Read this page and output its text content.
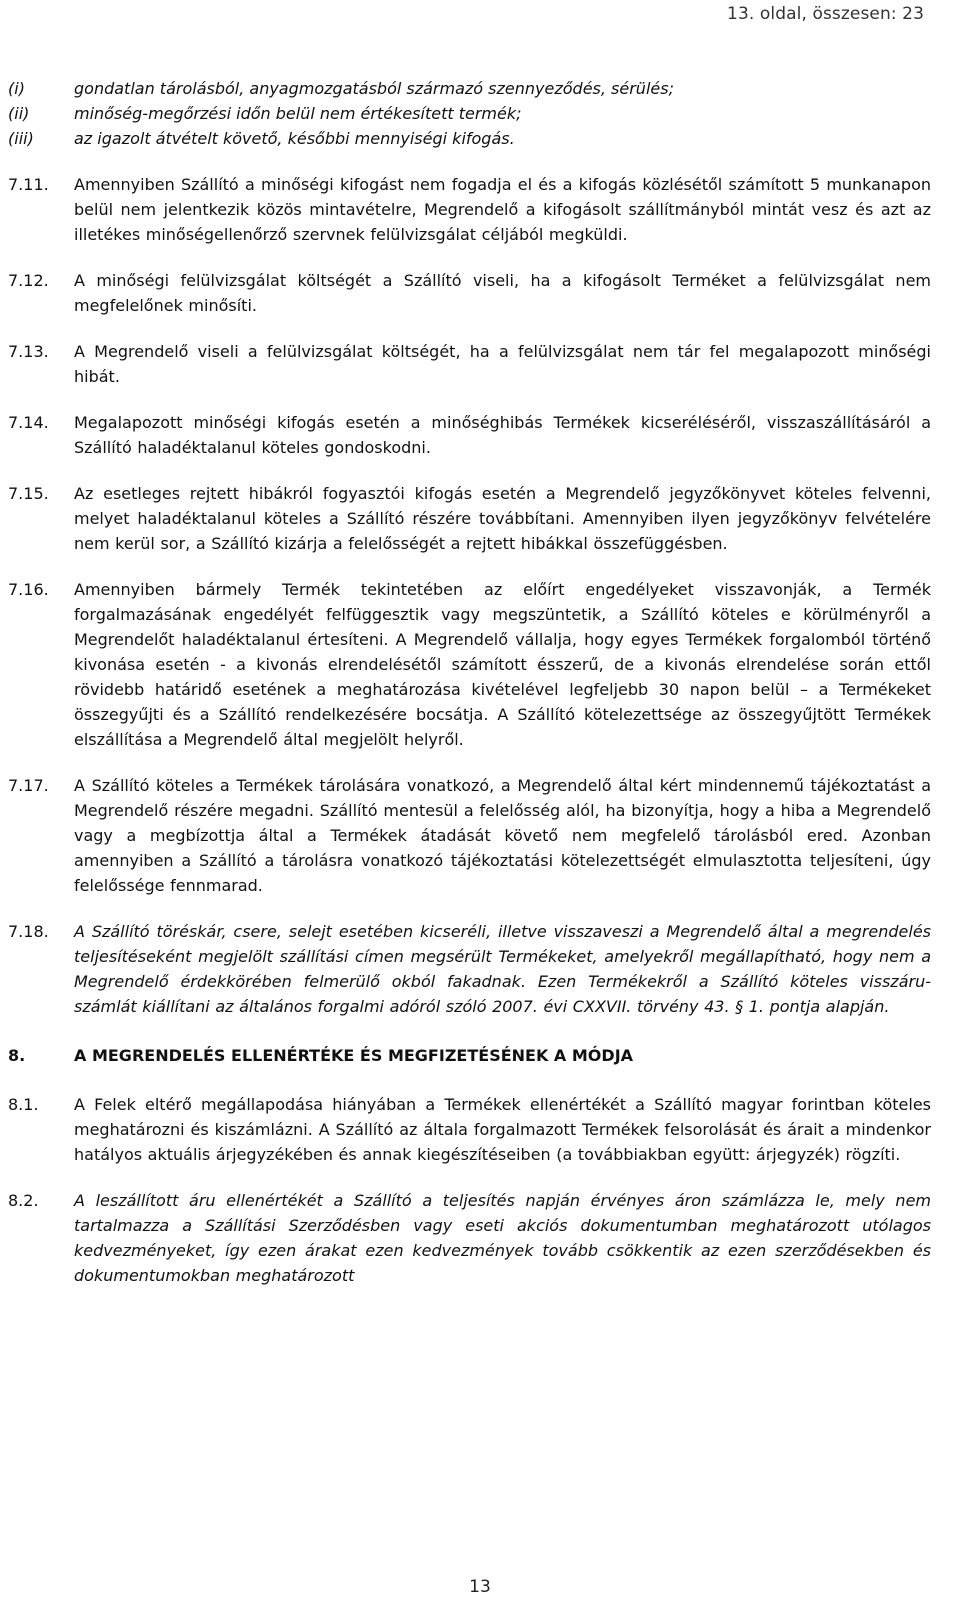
13. oldal, összesen: 23
(i)	gondatlan tárolásból, anyagmozgatásból származó szennyeződés, sérülés;
(ii)	minőség-megőrzési időn belül nem értékesített termék;
(iii)	az igazolt átvételt követő, későbbi mennyiségi kifogás.
7.11.	Amennyiben Szállító a minőségi kifogást nem fogadja el és a kifogás közlésétől számított 5 munkanapon belül nem jelentkezik közös mintavételre, Megrendelő a kifogásolt szállítmányból mintát vesz és azt az illetékes minőségellenőrző szervnek felülvizsgálat céljából megküldi.
7.12.	A minőségi felülvizsgálat költségét a Szállító viseli, ha a kifogásolt Terméket a felülvizsgálat nem megfelelőnek minősíti.
7.13.	A Megrendelő viseli a felülvizsgálat költségét, ha a felülvizsgálat nem tár fel megalapozott minőségi hibát.
7.14.	Megalapozott minőségi kifogás esetén a minőséghibás Termékek kicseréléséről, visszaszállításáról a Szállító haladéktalanul köteles gondoskodni.
7.15.	Az esetleges rejtett hibákról fogyasztói kifogás esetén a Megrendelő jegyzőkönyvet köteles felvenni, melyet haladéktalanul köteles a Szállító részére továbbítani. Amennyiben ilyen jegyzőkönyv felvételére nem kerül sor, a Szállító kizárja a felelősségét a rejtett hibákkal összefüggésben.
7.16.	Amennyiben bármely Termék tekintetében az előírt engedélyeket visszavonják, a Termék forgalmazásának engedélyét felfüggesztik vagy megszüntetik, a Szállító köteles e körülményről a Megrendelőt haladéktalanul értesíteni. A Megrendelő vállalja, hogy egyes Termékek forgalomból történő kivonása esetén - a kivonás elrendelésétől számított ésszerű, de a kivonás elrendelése során ettől rövidebb határidő esetének a meghatározása kivételével legfeljebb 30 napon belül – a Termékeket összegyűjti és a Szállító rendelkezésére bocsátja. A Szállító kötelezettsége az összegyűjtött Termékek elszállítása a Megrendelő által megjelölt helyről.
7.17.	A Szállító köteles a Termékek tárolására vonatkozó, a Megrendelő által kért mindennemű tájékoztatást a Megrendelő részére megadni. Szállító mentesül a felelősség alól, ha bizonyítja, hogy a hiba a Megrendelő vagy a megbízottja által a Termékek átadását követő nem megfelelő tárolásból ered. Azonban amennyiben a Szállító a tárolásra vonatkozó tájékoztatási kötelezettségét elmulasztotta teljesíteni, úgy felelőssége fennmarad.
7.18.	A Szállító töréskár, csere, selejt esetében kicseréli, illetve visszaveszi a Megrendelő által a megrendelés teljesítéseként megjelölt szállítási címen megsérült Termékeket, amelyekről megállapítható, hogy nem a Megrendelő érdekkörében felmerülő okból fakadnak. Ezen Termékekről a Szállító köteles visszáru-számlát kiállítani az általános forgalmi adóról szóló 2007. évi CXXVII. törvény 43. § 1. pontja alapján.
8.	A MEGRENDELÉS ELLENÉRTÉKE ÉS MEGFIZETÉSÉNEK A MÓDJA
8.1.	A Felek eltérő megállapodása hiányában a Termékek ellenértékét a Szállító magyar forintban köteles meghatározni és kiszámlázni. A Szállító az általa forgalmazott Termékek felsorolását és árait a mindenkor hatályos aktuális árjegyzékében és annak kiegészítéseiben (a továbbiakban együtt: árjegyzék) rögzíti.
8.2.	A leszállított áru ellenértékét a Szállító a teljesítés napján érvényes áron számlázza le, mely nem tartalmazza a Szállítási Szerződésben vagy eseti akciós dokumentumban meghatározott utólagos kedvezményeket, így ezen árakat ezen kedvezmények tovább csökkentik az ezen szerződésekben és dokumentumokban meghatározott
13
